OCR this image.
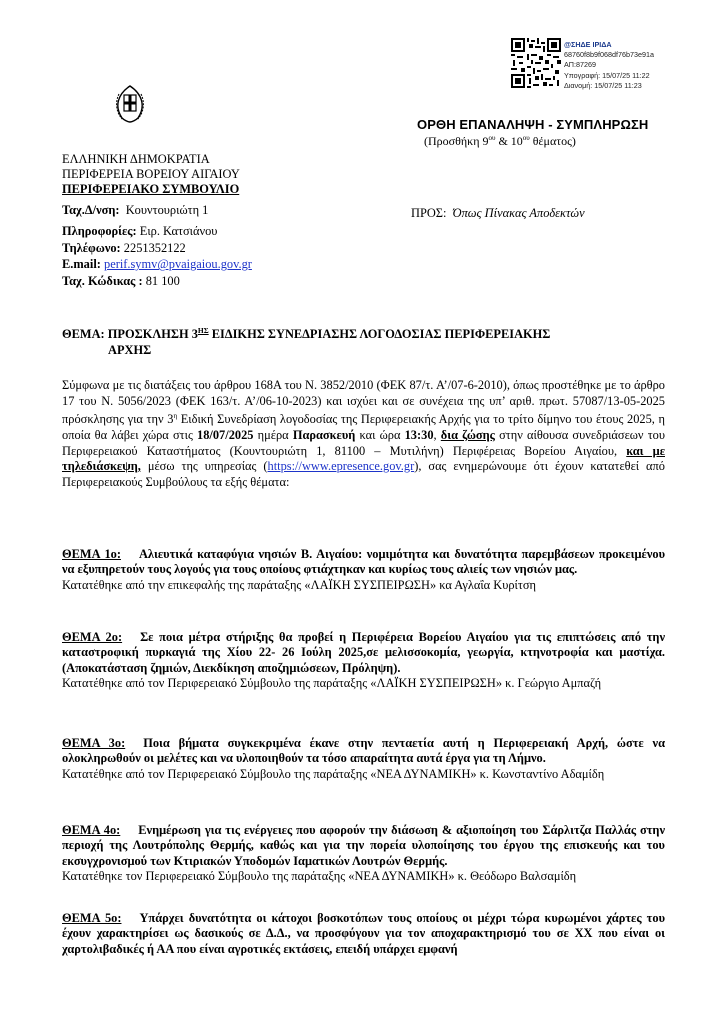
@ΣΗΔΕ ΙΡΙΔΑ
68760f8b9f068df76b73e91a
ΑΠ:87269
Υπογραφή: 15/07/25 11:22
Διανομή: 15/07/25 11:23
ΟΡΘΗ ΕΠΑΝΑΛΗΨΗ - ΣΥΜΠΛΗΡΩΣΗ
(Προσθήκη $9^{o\upsilon}$ & $10^{o\upsilon}$ θέματος)
ΕΛΛΗΝΙΚΗ ΔΗΜΟΚΡΑΤΙΑ
ΠΕΡΙΦΕΡΕΙΑ ΒΟΡΕΙΟΥ ΑΙΓΑΙΟΥ
ΠΕΡΙΦΕΡΕΙΑΚΟ ΣΥΜΒΟΥΛΙΟ
Ταχ.Δ/νση: Κουντουριώτη 1
Πληροφορίες: Ειρ. Κατσιάνου
Τηλέφωνο: 2251352122
E.mail: perif.symv@pvaigaiou.gov.gr
Ταχ. Κώδικας : 81 100
ΠΡΟΣ: Όπως Πίνακας Αποδεκτών
ΘΕΜΑ: ΠΡΟΣΚΛΗΣΗ $3^{H\Sigma}$ ΕΙΔΙΚΗΣ ΣΥΝΕΔΡΙΑΣΗΣ ΛΟΓΟΔΟΣΙΑΣ ΠΕΡΙΦΕΡΕΙΑΚΗΣ
ΑΡΧΗΣ
Σύμφωνα με τις διατάξεις του άρθρου 168Α του Ν. 3852/2010 (ΦΕΚ 87/τ. Α’/07-6-2010), όπως προστέθηκε με το άρθρο 17 του Ν. 5056/2023 (ΦΕΚ 163/τ. Α’/06-10-2023) και ισχύει και σε συνέχεια της υπ’ αριθ. πρωτ. 57087/13-05-2025 πρόσκλησης για την $3^\eta$ Ειδική Συνεδρίαση λογοδοσίας της Περιφερειακής Αρχής για το τρίτο δίμηνο του έτους 2025, η οποία θα λάβει χώρα στις 18/07/2025 ημέρα Παρασκευή και ώρα 13:30, δια ζώσης στην αίθουσα συνεδριάσεων του Περιφερειακού Καταστήματος (Κουντουριώτη 1, 81100 – Μυτιλήνη) Περιφέρειας Βορείου Αιγαίου, και με τηλεδιάσκεψη, μέσω της υπηρεσίας (https://www.epresence.gov.gr), σας ενημερώνουμε ότι έχουν κατατεθεί από Περιφερειακούς Συμβούλους τα εξής θέματα:
ΘΕΜΑ 1ο: Αλιευτικά καταφύγια νησιών Β. Αιγαίου: νομιμότητα και δυνατότητα παρεμβάσεων προκειμένου να εξυπηρετούν τους λογούς για τους οποίους φτιάχτηκαν και κυρίως τους αλιείς των νησιών μας.
Κατατέθηκε από την επικεφαλής της παράταξης «ΛΑΪΚΗ ΣΥΣΠΕΙΡΩΣΗ» κα Αγλαΐα Κυρίτση
ΘΕΜΑ 2ο: Σε ποια μέτρα στήριξης θα προβεί η Περιφέρεια Βορείου Αιγαίου για τις επιπτώσεις από την καταστροφική πυρκαγιά της Χίου 22- 26 Ιούλη 2025,σε μελισσοκομία, γεωργία, κτηνοτροφία και μαστίχα. (Αποκατάσταση ζημιών, Διεκδίκηση αποζημιώσεων, Πρόληψη).
Κατατέθηκε από τον Περιφερειακό Σύμβουλο της παράταξης «ΛΑΪΚΗ ΣΥΣΠΕΙΡΩΣΗ» κ. Γεώργιο Αμπαζή
ΘΕΜΑ 3ο: Ποια βήματα συγκεκριμένα έκανε στην πενταετία αυτή η Περιφερειακή Αρχή, ώστε να ολοκληρωθούν οι μελέτες και να υλοποιηθούν τα τόσο απαραίτητα αυτά έργα για τη Λήμνο.
Κατατέθηκε από τον Περιφερειακό Σύμβουλο της παράταξης «ΝΕΑ ΔΥΝΑΜΙΚΗ» κ. Κωνσταντίνο Αδαμίδη
ΘΕΜΑ 4ο: Ενημέρωση για τις ενέργειες που αφορούν την διάσωση & αξιοποίηση του Σάρλιτζα Παλλάς στην περιοχή της Λουτρόπολης Θερμής, καθώς και για την πορεία υλοποίησης του έργου της επισκευής και του εκσυγχρονισμού των Κτιριακών Υποδομών Ιαματικών Λουτρών Θερμής.
Κατατέθηκε τον Περιφερειακό Σύμβουλο της παράταξης «ΝΕΑ ΔΥΝΑΜΙΚΗ» κ. Θεόδωρο Βαλσαμίδη
ΘΕΜΑ 5ο: Υπάρχει δυνατότητα οι κάτοχοι βοσκοτόπων τους οποίους οι μέχρι τώρα κυρωμένοι χάρτες του έχουν χαρακτηρίσει ως δασικούς σε Δ.Δ., να προσφύγουν για τον αποχαρακτηρισμό του σε ΧΧ που είναι οι χαρτολιβαδικές ή ΑΑ που είναι αγροτικές εκτάσεις, επειδή υπάρχει εμφανή
